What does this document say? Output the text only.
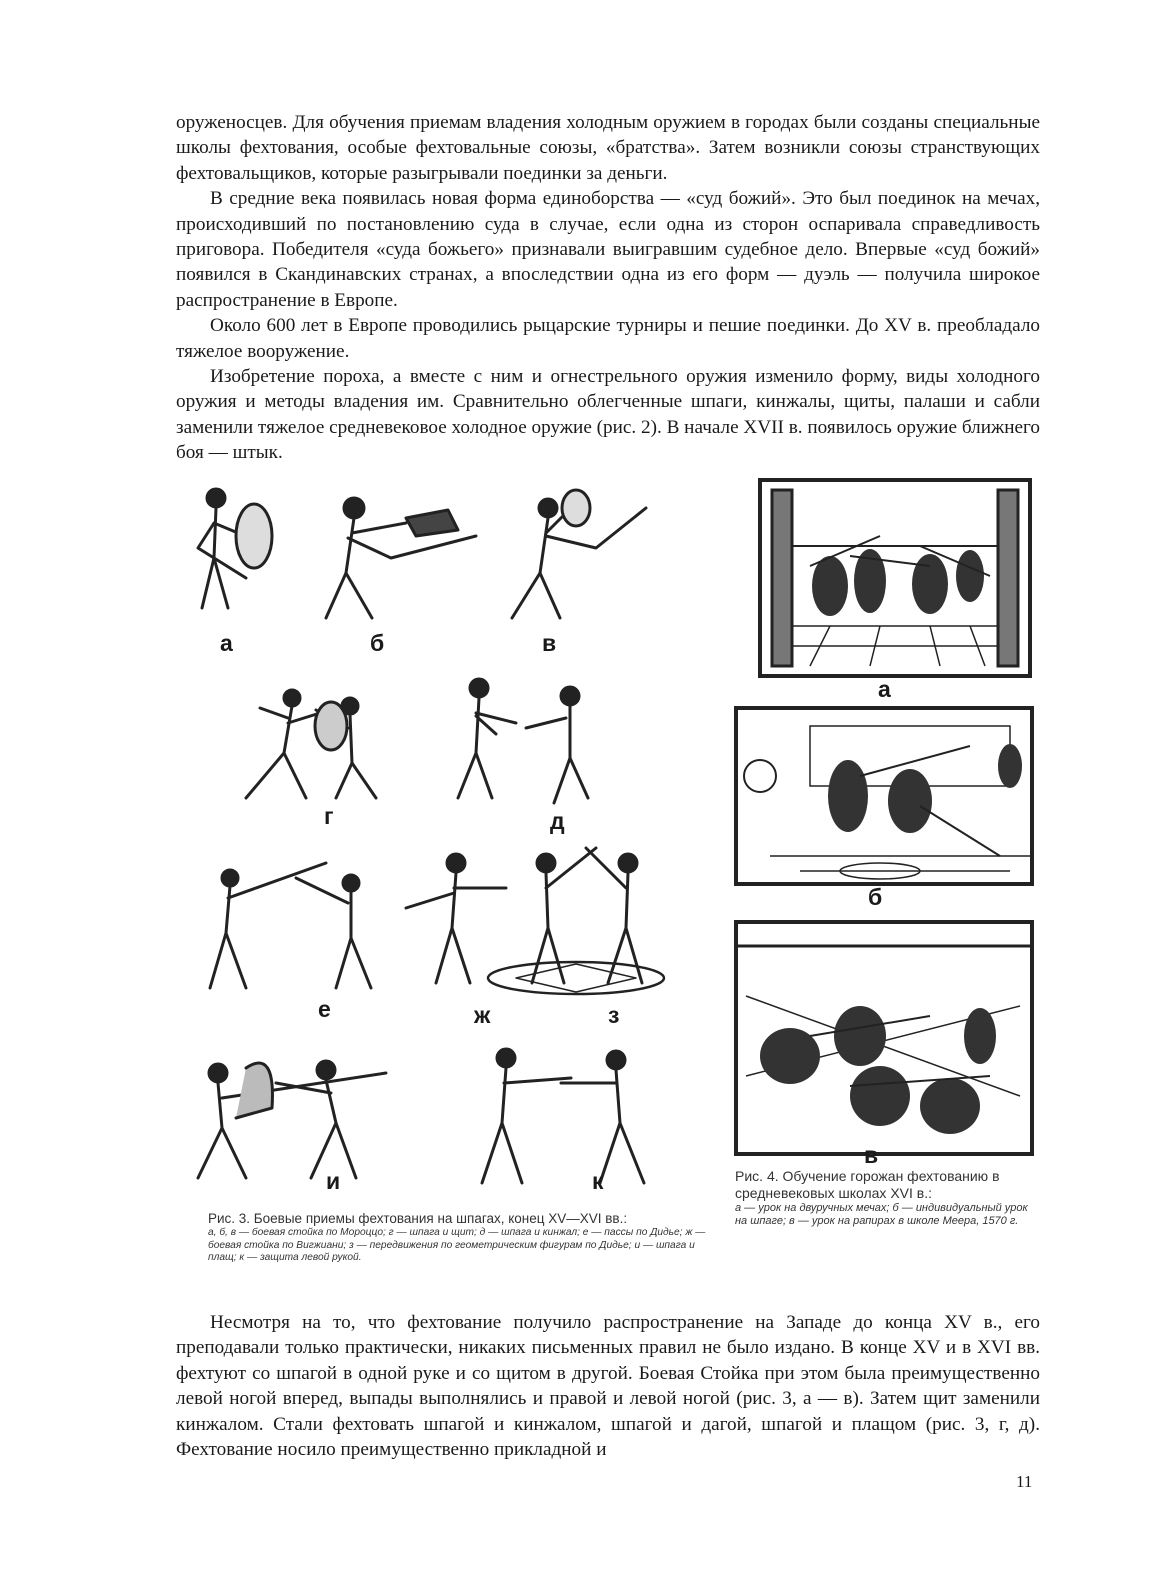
оруженосцев. Для обучения приемам владения холодным оружием в городах были созданы специальные школы фехтования, особые фехтовальные союзы, «братства». Затем возникли союзы странствующих фехтовальщиков, которые разыгрывали поединки за деньги.

В средние века появилась новая форма единоборства — «суд божий». Это был поединок на мечах, происходивший по постановлению суда в случае, если одна из сторон оспаривала справедливость приговора. Победителя «суда божьего» признавали выигравшим судебное дело. Впервые «суд божий» появился в Скандинавских странах, а впоследствии одна из его форм — дуэль — получила широкое распространение в Европе.

Около 600 лет в Европе проводились рыцарские турниры и пешие поединки. До XV в. преобладало тяжелое вооружение.

Изобретение пороха, а вместе с ним и огнестрельного оружия изменило форму, виды холодного оружия и методы владения им. Сравнительно облегченные шпаги, кинжалы, щиты, палаши и сабли заменили тяжелое средневековое холодное оружие (рис. 2). В начале XVII в. появилось оружие ближнего боя — штык.

а	б	в
г	д
е	ж	з
и	к
Рис. 3. Боевые приемы фехтования на шпагах, конец XV—XVI вв.:
а, б, в — боевая стойка по Мороццо; г — шпага и щит; д — шпага и кинжал; е — пассы по Дидье; ж — боевая стойка по Вигжиани; з — передвижения по геометрическим фигурам по Дидье; и — шпага и плащ; к — защита левой рукой.
а
б
в
Рис. 4. Обучение горожан фехтованию в средневековых школах XVI в.:
а — урок на двуручных мечах; б — индивидуальный урок на шпаге; в — урок на рапирах в школе Меера, 1570 г.

Несмотря на то, что фехтование получило распространение на Западе до конца XV в., его преподавали только практически, никаких письменных правил не было издано. В конце XV и в XVI вв. фехтуют со шпагой в одной руке и со щитом в другой. Боевая Стойка при этом была преимущественно левой ногой вперед, выпады выполнялись и правой и левой ногой (рис. 3, а — в). Затем щит заменили кинжалом. Стали фехтовать шпагой и кинжалом, шпагой и дагой, шпагой и плащом (рис. 3, г, д). Фехтование носило преимущественно прикладной и

11
